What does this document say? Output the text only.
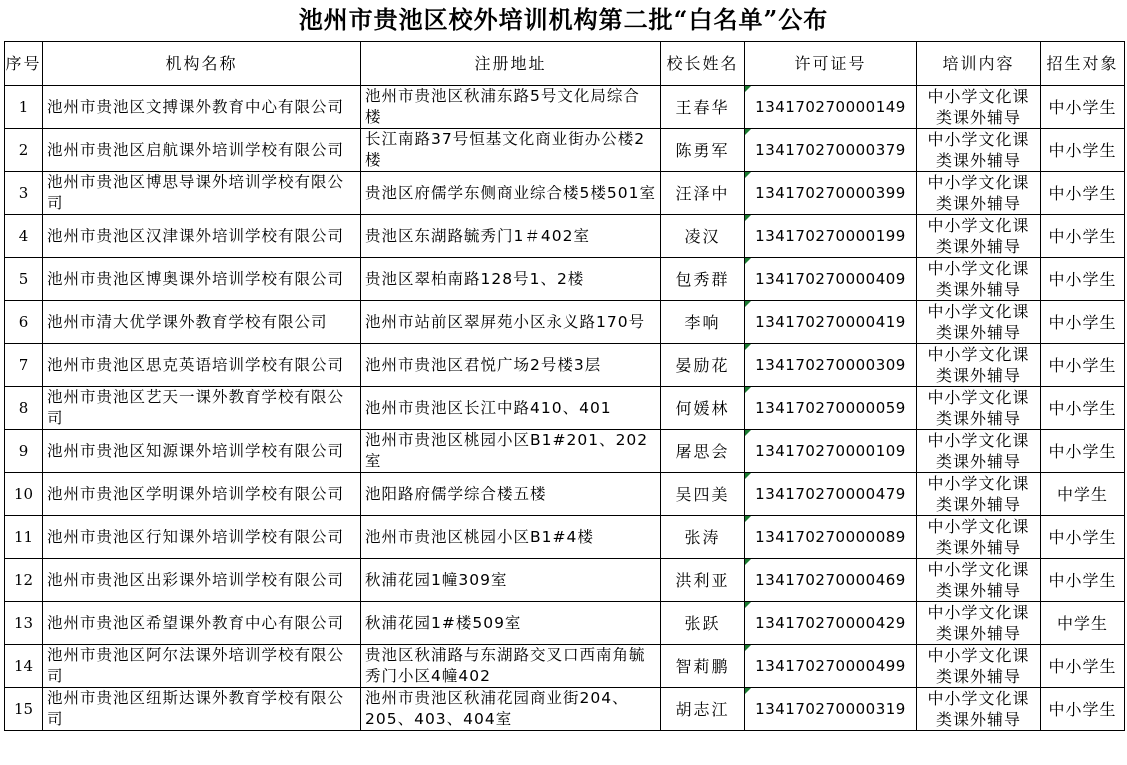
池州市贵池区校外培训机构第二批“白名单”公布
序号	机构名称	注册地址	校长姓名	许可证号	培训内容	招生对象
1	池州市贵池区文搏课外教育中心有限公司	池州市贵池区秋浦东路5号文化局综合楼	王春华	134170270000149	中小学文化课类课外辅导	中小学生
2	池州市贵池区启航课外培训学校有限公司	长江南路37号恒基文化商业街办公楼2楼	陈勇军	134170270000379	中小学文化课类课外辅导	中小学生
3	池州市贵池区博思导课外培训学校有限公司	贵池区府儒学东侧商业综合楼5楼501室	汪泽中	134170270000399	中小学文化课类课外辅导	中小学生
4	池州市贵池区汉津课外培训学校有限公司	贵池区东湖路毓秀门1＃402室	凌汉	134170270000199	中小学文化课类课外辅导	中小学生
5	池州市贵池区博奥课外培训学校有限公司	贵池区翠柏南路128号1、2楼	包秀群	134170270000409	中小学文化课类课外辅导	中小学生
6	池州市清大优学课外教育学校有限公司	池州市站前区翠屏苑小区永义路170号	李响	134170270000419	中小学文化课类课外辅导	中小学生
7	池州市贵池区思克英语培训学校有限公司	池州市贵池区君悦广场2号楼3层	晏励花	134170270000309	中小学文化课类课外辅导	中小学生
8	池州市贵池区艺天一课外教育学校有限公司	池州市贵池区长江中路410、401	何媛林	134170270000059	中小学文化课类课外辅导	中小学生
9	池州市贵池区知源课外培训学校有限公司	池州市贵池区桃园小区B1#201、202室	屠思会	134170270000109	中小学文化课类课外辅导	中小学生
10	池州市贵池区学明课外培训学校有限公司	池阳路府儒学综合楼五楼	吴四美	134170270000479	中小学文化课类课外辅导	中学生
11	池州市贵池区行知课外培训学校有限公司	池州市贵池区桃园小区B1#4楼	张涛	134170270000089	中小学文化课类课外辅导	中小学生
12	池州市贵池区出彩课外培训学校有限公司	秋浦花园1幢309室	洪利亚	134170270000469	中小学文化课类课外辅导	中小学生
13	池州市贵池区希望课外教育中心有限公司	秋浦花园1#楼509室	张跃	134170270000429	中小学文化课类课外辅导	中学生
14	池州市贵池区阿尔法课外培训学校有限公司	贵池区秋浦路与东湖路交叉口西南角毓秀门小区4幢402	智莉鹏	134170270000499	中小学文化课类课外辅导	中小学生
15	池州市贵池区纽斯达课外教育学校有限公司	池州市贵池区秋浦花园商业街204、205、403、404室	胡志江	134170270000319	中小学文化课类课外辅导	中小学生
